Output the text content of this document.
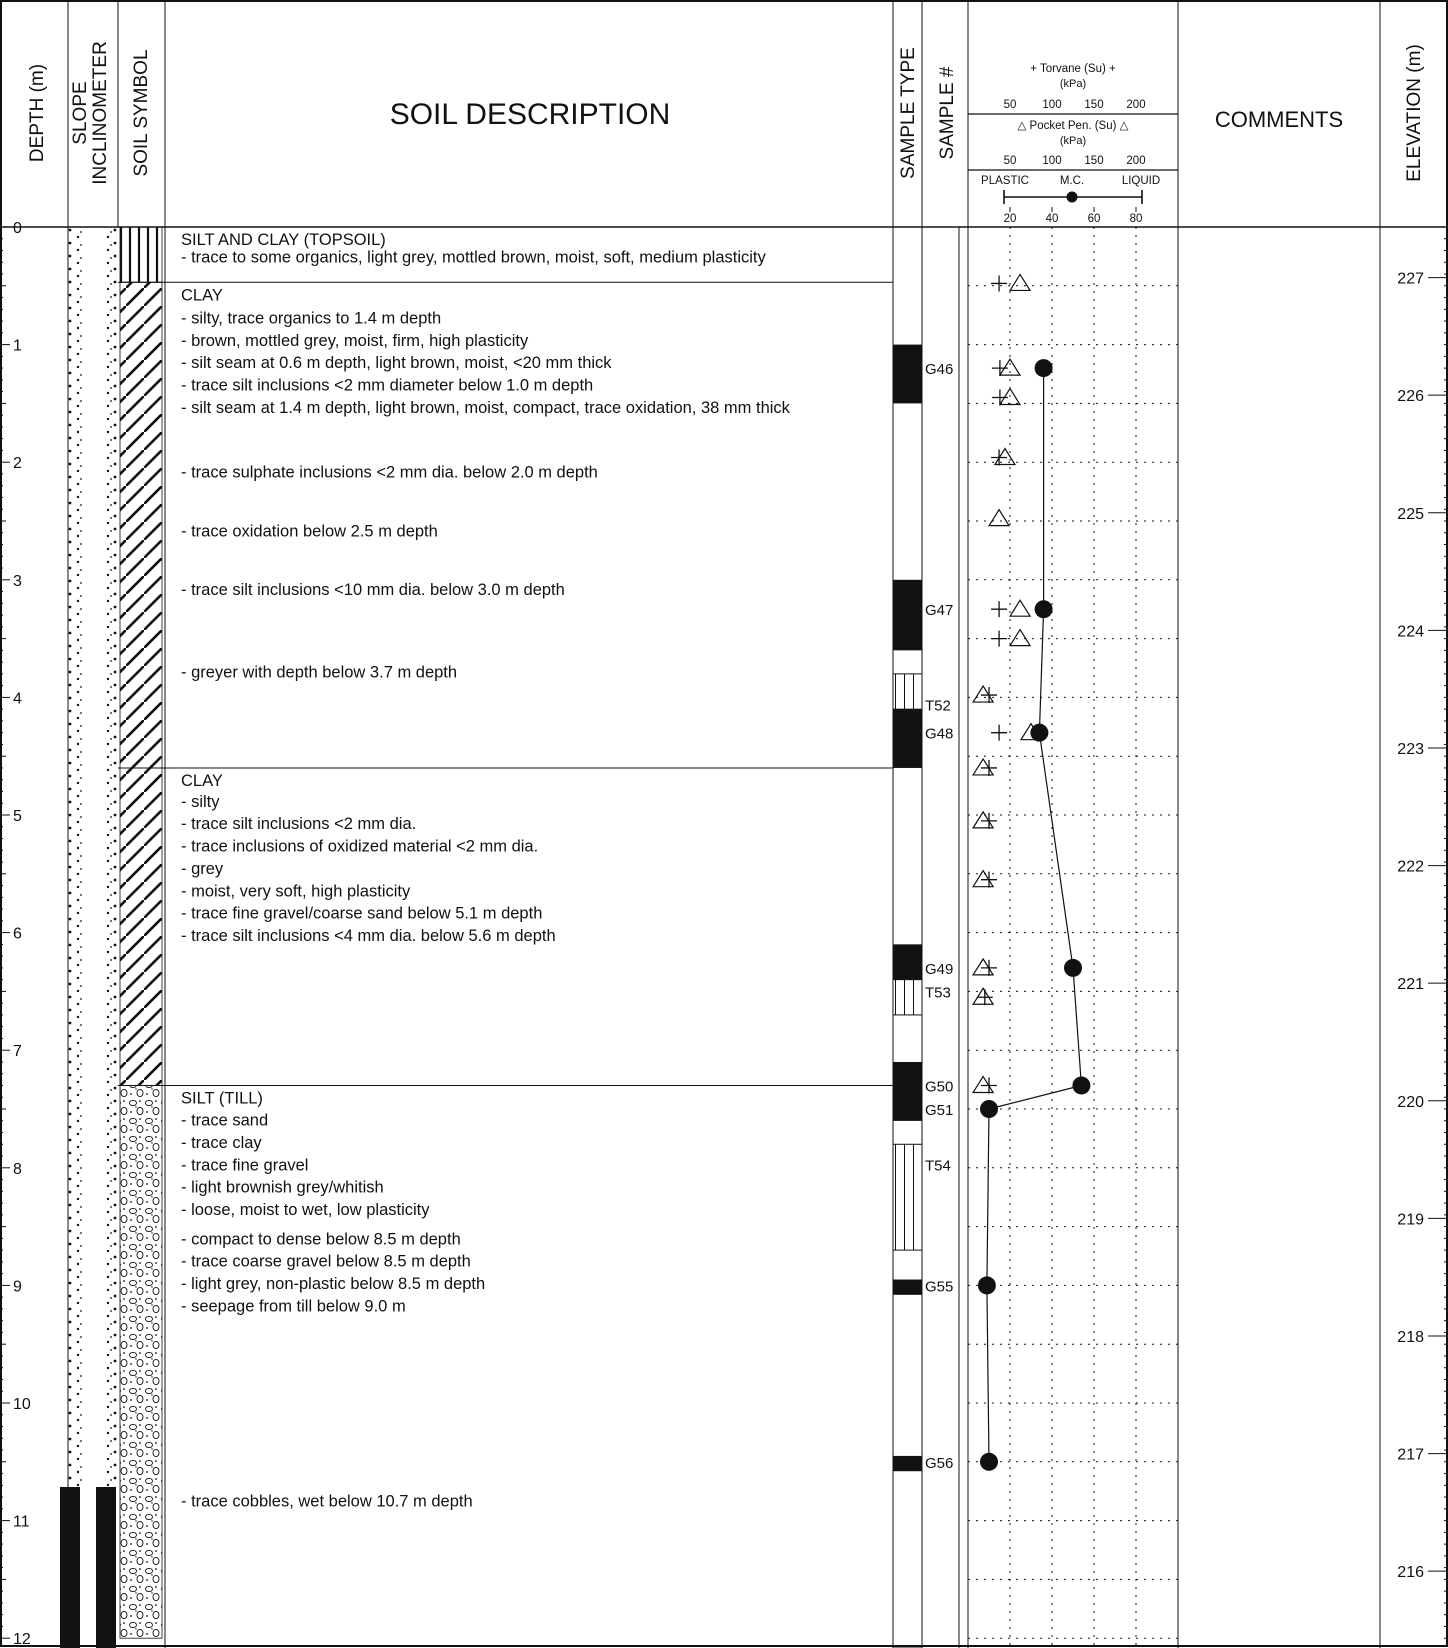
DEPTH (m) SLOPE INCLINOMETER SOIL SYMBOL	SOIL DESCRIPTION	SAMPLE TYPE SAMPLE #	COMMENTS	ELEVATION (m)
+ Torvane (Su) +
(kPa)
50 100 150 200
△ Pocket Pen. (Su) △
(kPa)
50 100 150 200
PLASTIC	M.C.	LIQUID
20	40	60	80
0
1
2
3
4
5
6
7
8
9
10
11
12
227
226
225
224
223
222
221
220
219
218
217
216
SILT AND CLAY (TOPSOIL)
- trace to some organics, light grey, mottled brown, moist, soft, medium plasticity
CLAY
- silty, trace organics to 1.4 m depth
- brown, mottled grey, moist, firm, high plasticity
- silt seam at 0.6 m depth, light brown, moist, <20 mm thick
- trace silt inclusions <2 mm diameter below 1.0 m depth
- silt seam at 1.4 m depth, light brown, moist, compact, trace oxidation, 38 mm thick
- trace sulphate inclusions <2 mm dia. below 2.0 m depth
- trace oxidation below 2.5 m depth
- trace silt inclusions <10 mm dia. below 3.0 m depth
- greyer with depth below 3.7 m depth
CLAY
- silty
- trace silt inclusions <2 mm dia.
- trace inclusions of oxidized material <2 mm dia.
- grey
- moist, very soft, high plasticity
- trace fine gravel/coarse sand below 5.1 m depth
- trace silt inclusions <4 mm dia. below 5.6 m depth
SILT (TILL)
- trace sand
- trace clay
- trace fine gravel
- light brownish grey/whitish
- loose, moist to wet, low plasticity
- compact to dense below 8.5 m depth
- trace coarse gravel below 8.5 m depth
- light grey, non-plastic below 8.5 m depth
- seepage from till below 9.0 m
- trace cobbles, wet below 10.7 m depth
G46
G47
T52
G48
G49
T53
G50
G51
T54
G55
G56
